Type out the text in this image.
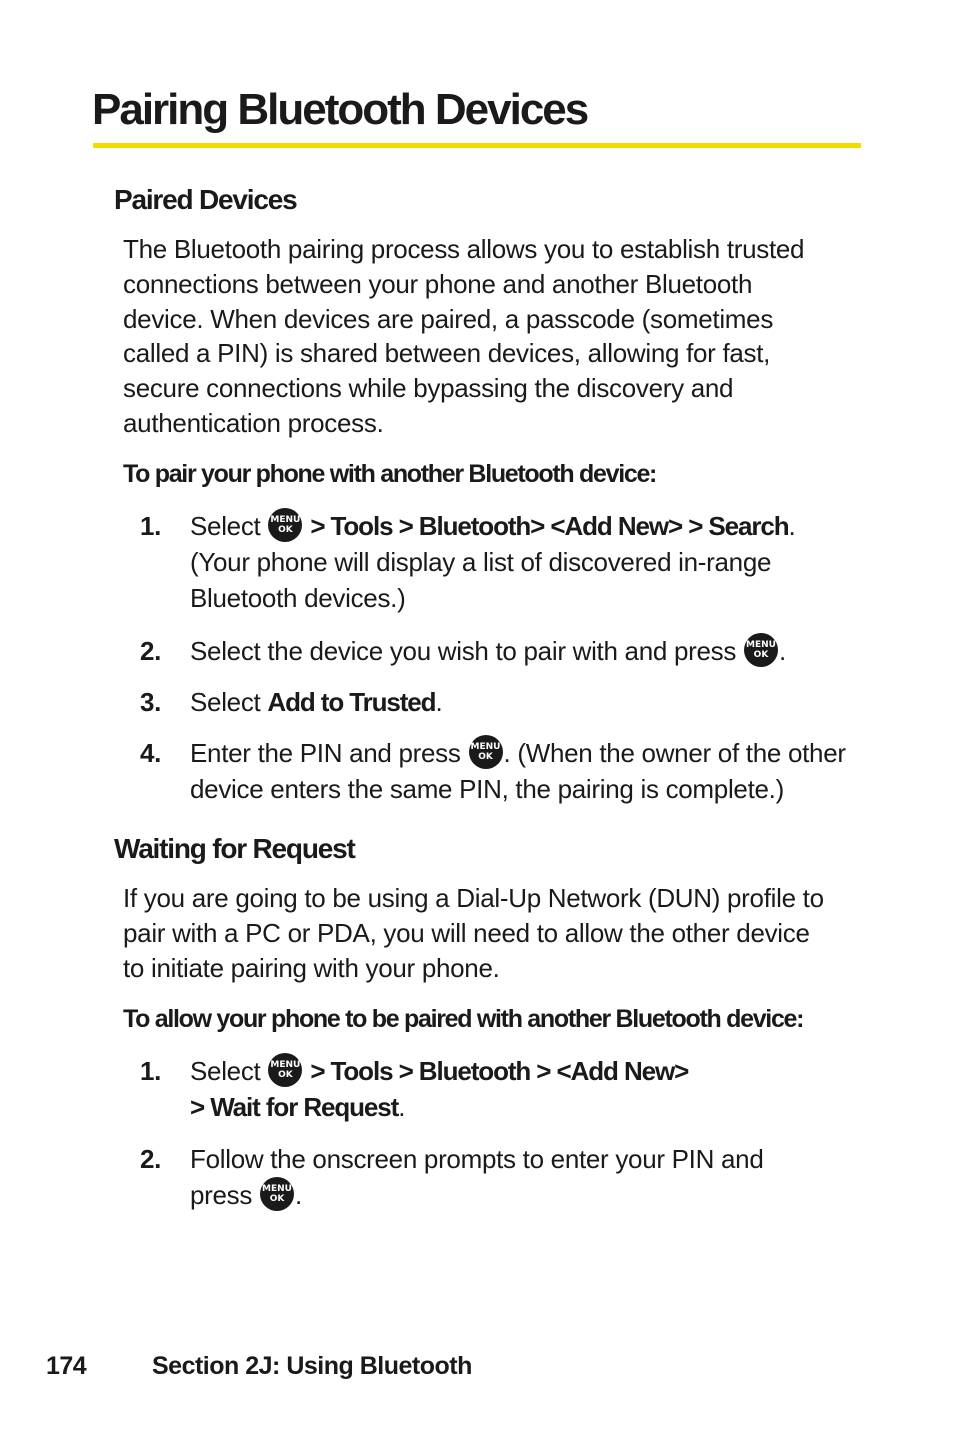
Pairing Bluetooth Devices
Paired Devices

The Bluetooth pairing process allows you to establish trusted
connections between your phone and another Bluetooth
device. When devices are paired, a passcode (sometimes
called a PIN) is shared between devices, allowing for fast,
secure connections while bypassing the discovery and
authentication process.

To pair your phone with another Bluetooth device:

1. Select MENU
OK > Tools > Bluetooth> <Add New> > Search.
(Your phone will display a list of discovered in-range
Bluetooth devices.)
2. Select the device you wish to pair with and press MENU
OK .
3. Select Add to Trusted.
4. Enter the PIN and press MENU
OK . (When the owner of the other
device enters the same PIN, the pairing is complete.)
Waiting for Request

If you are going to be using a Dial-Up Network (DUN) profile to
pair with a PC or PDA, you will need to allow the other device
to initiate pairing with your phone.

To allow your phone to be paired with another Bluetooth device:

1. Select MENU
OK > Tools > Bluetooth > <Add New>
> Wait for Request.
2. Follow the onscreen prompts to enter your PIN and
press MENU
OK .
174	Section 2J: Using Bluetooth
